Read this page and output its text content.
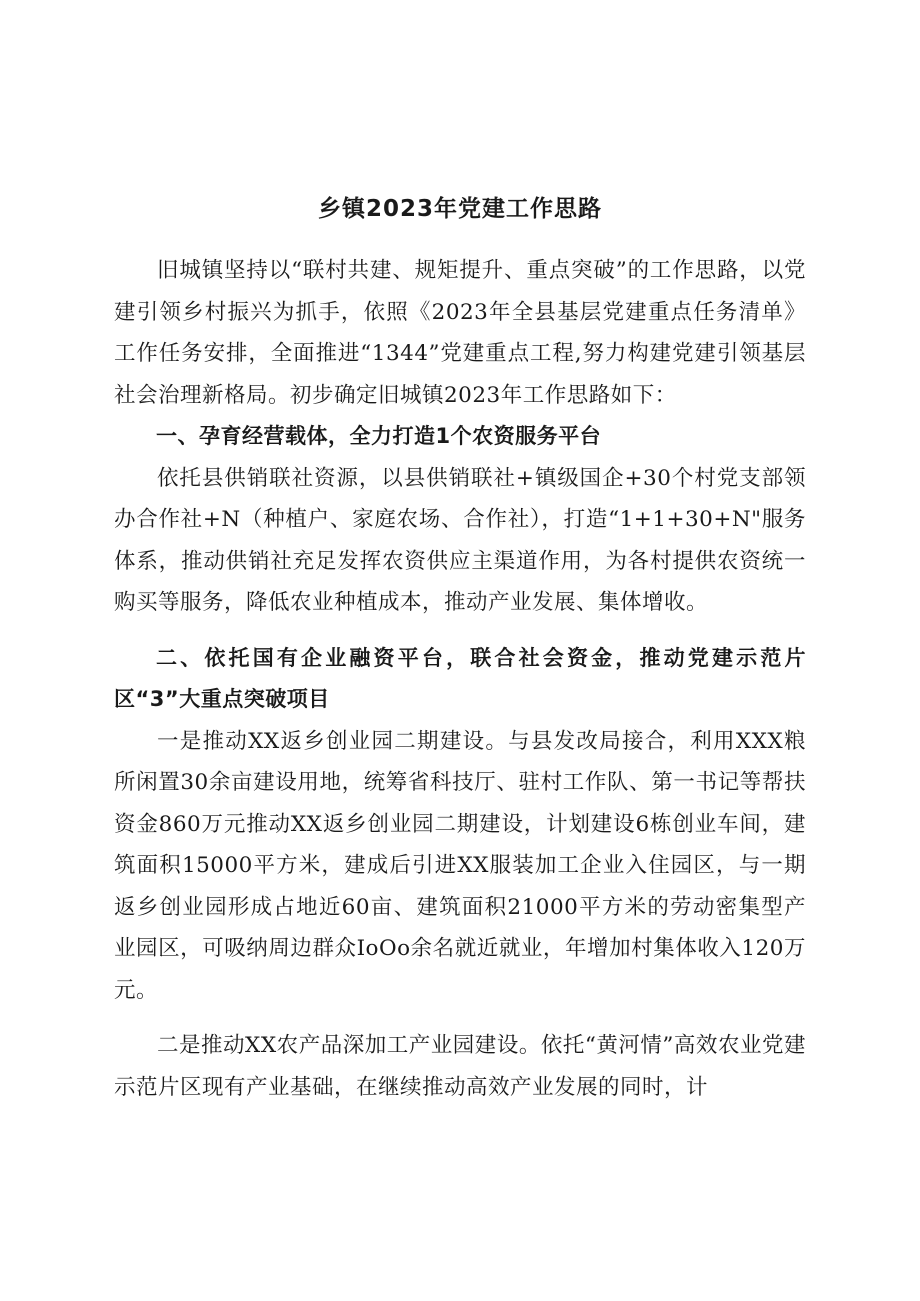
乡镇2023年党建工作思路

旧城镇坚持以“联村共建、规矩提升、重点突破”的工作思路，以党建引领乡村振兴为抓手，依照《2023年全县基层党建重点任务清单》工作任务安排，全面推进“1344”党建重点工程,努力构建党建引领基层社会治理新格局。初步确定旧城镇2023年工作思路如下：

一、孕育经营载体，全力打造1个农资服务平台

依托县供销联社资源，以县供销联社+镇级国企+30个村党支部领办合作社+N（种植户、家庭农场、合作社），打造“1+1+30+N"服务体系，推动供销社充足发挥农资供应主渠道作用，为各村提供农资统一购买等服务，降低农业种植成本，推动产业发展、集体增收。

二、依托国有企业融资平台，联合社会资金，推动党建示范片区“3”大重点突破项目

一是推动XX返乡创业园二期建设。与县发改局接合，利用XXX粮所闲置30余亩建设用地，统筹省科技厅、驻村工作队、第一书记等帮扶资金860万元推动XX返乡创业园二期建设，计划建设6栋创业车间，建筑面积15000平方米，建成后引进XX服装加工企业入住园区，与一期返乡创业园形成占地近60亩、建筑面积21000平方米的劳动密集型产业园区，可吸纳周边群众IoOo余名就近就业，年增加村集体收入120万元。

二是推动XX农产品深加工产业园建设。依托“黄河情”高效农业党建示范片区现有产业基础，在继续推动高效产业发展的同时，计
